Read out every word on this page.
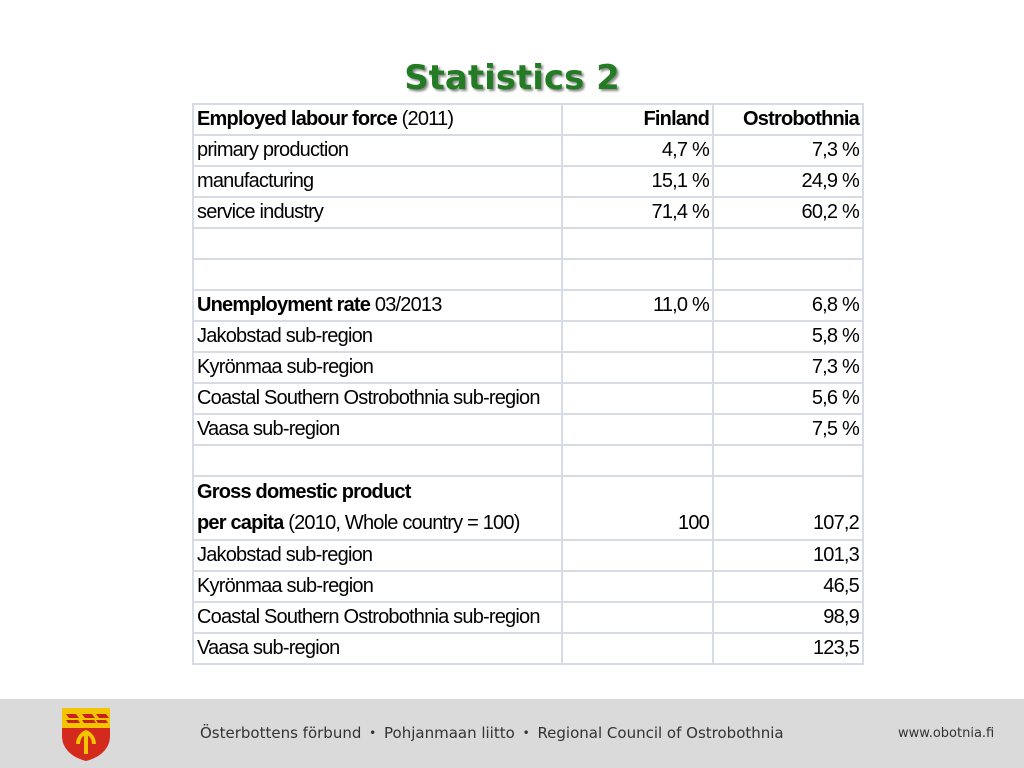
Statistics 2
Employed labour force (2011)	Finland	Ostrobothnia
primary production	4,7 %	7,3 %
manufacturing	15,1 %	24,9 %
service industry	71,4 %	60,2 %

Unemployment rate 03/2013	11,0 %	6,8 %
Jakobstad sub-region		5,8 %
Kyrönmaa sub-region		7,3 %
Coastal Southern Ostrobothnia sub-region		5,6 %
Vaasa sub-region		7,5 %

Gross domestic product
per capita (2010, Whole country = 100)	100	107,2
Jakobstad sub-region		101,3
Kyrönmaa sub-region		46,5
Coastal Southern Ostrobothnia sub-region		98,9
Vaasa sub-region		123,5
Österbottens förbund • Pohjanmaan liitto • Regional Council of Ostrobothnia	www.obotnia.fi
